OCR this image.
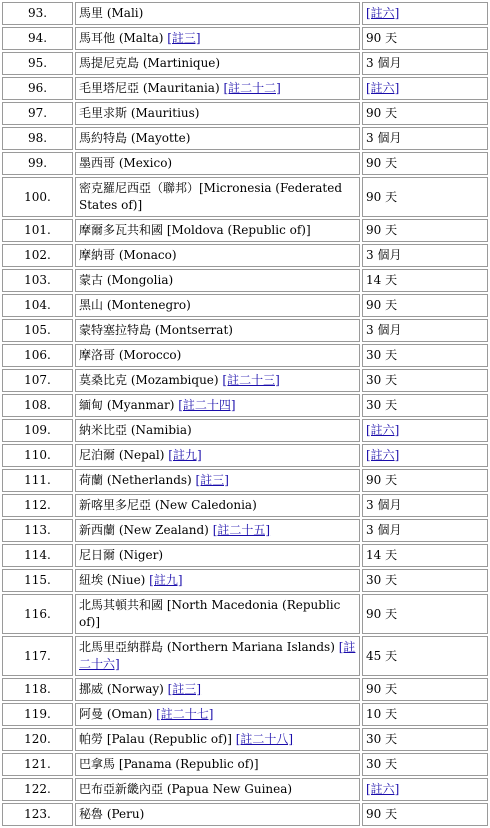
93.	馬里 (Mali)	[註六]
94.	馬耳他 (Malta) [註三]	90 天
95.	馬提尼克島 (Martinique)	3 個月
96.	毛里塔尼亞 (Mauritania) [註二十二]	[註六]
97.	毛里求斯 (Mauritius)	90 天
98.	馬約特島 (Mayotte)	3 個月
99.	墨西哥 (Mexico)	90 天
100.	密克羅尼西亞（聯邦）[Micronesia (Federated States of)]	90 天
101.	摩爾多瓦共和國 [Moldova (Republic of)]	90 天
102.	摩納哥 (Monaco)	3 個月
103.	蒙古 (Mongolia)	14 天
104.	黑山 (Montenegro)	90 天
105.	蒙特塞拉特島 (Montserrat)	3 個月
106.	摩洛哥 (Morocco)	30 天
107.	莫桑比克 (Mozambique) [註二十三]	30 天
108.	緬甸 (Myanmar) [註二十四]	30 天
109.	納米比亞 (Namibia)	[註六]
110.	尼泊爾 (Nepal) [註九]	[註六]
111.	荷蘭 (Netherlands) [註三]	90 天
112.	新喀里多尼亞 (New Caledonia)	3 個月
113.	新西蘭 (New Zealand) [註二十五]	3 個月
114.	尼日爾 (Niger)	14 天
115.	紐埃 (Niue) [註九]	30 天
116.	北馬其頓共和國 [North Macedonia (Republic of)]	90 天
117.	北馬里亞納群島 (Northern Mariana Islands) [註二十六]	45 天
118.	挪威 (Norway) [註三]	90 天
119.	阿曼 (Oman) [註二十七]	10 天
120.	帕勞 [Palau (Republic of)] [註二十八]	30 天
121.	巴拿馬 [Panama (Republic of)]	30 天
122.	巴布亞新畿內亞 (Papua New Guinea)	[註六]
123.	秘魯 (Peru)	90 天
